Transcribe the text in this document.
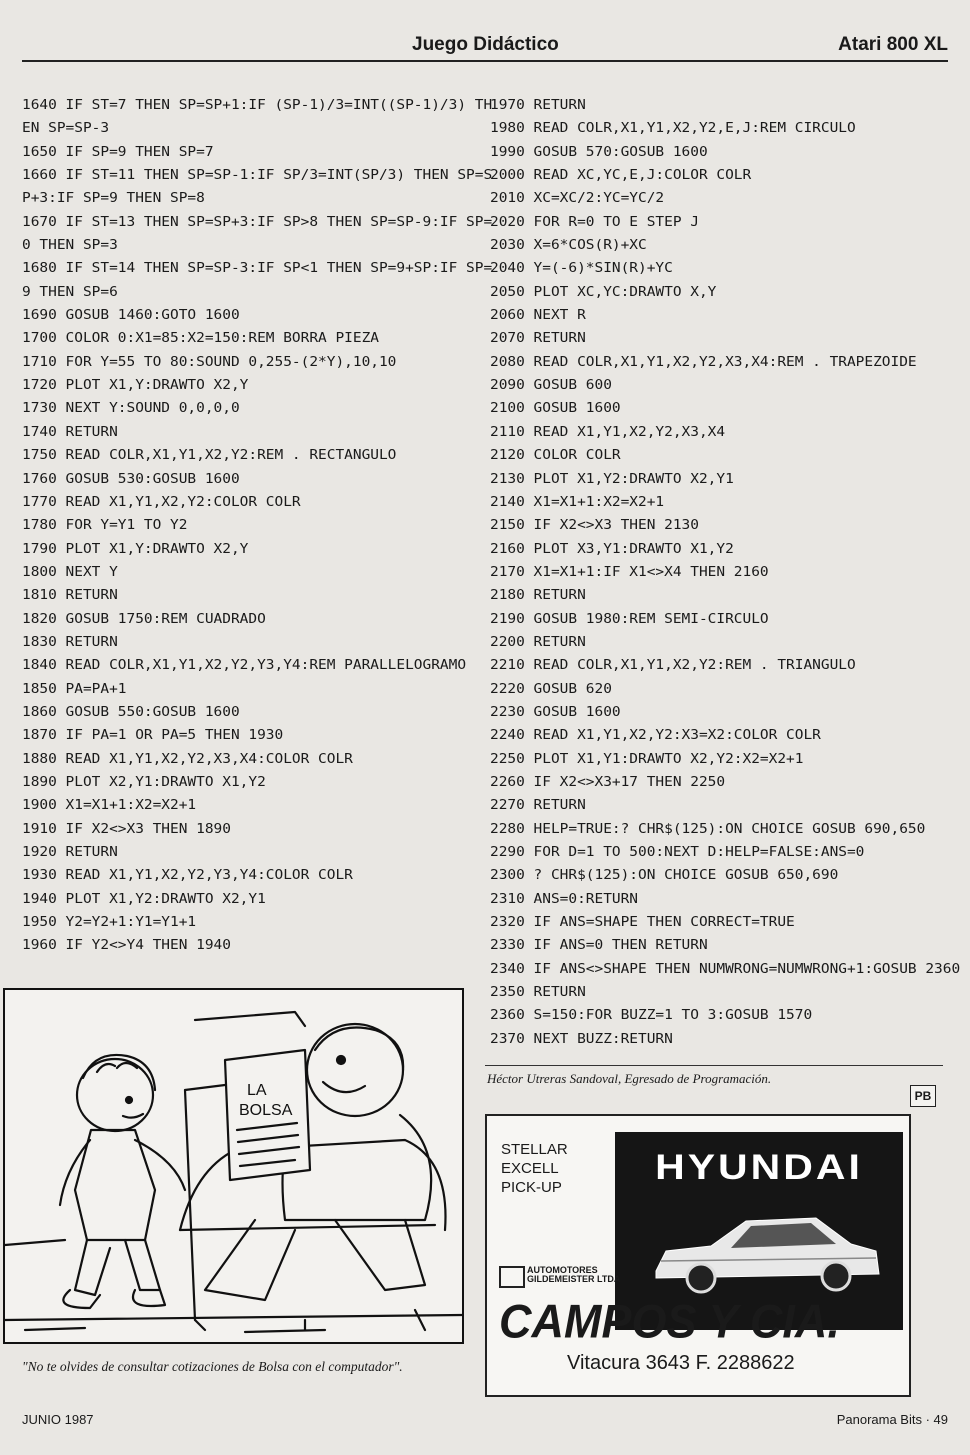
Juego Didáctico	Atari 800 XL
1640 IF ST=7 THEN SP=SP+1:IF (SP-1)/3=INT((SP-1)/3) TH
EN SP=SP-3
1650 IF SP=9 THEN SP=7
1660 IF ST=11 THEN SP=SP-1:IF SP/3=INT(SP/3) THEN SP=S
P+3:IF SP=9 THEN SP=8
1670 IF ST=13 THEN SP=SP+3:IF SP>8 THEN SP=SP-9:IF SP=
0 THEN SP=3
1680 IF ST=14 THEN SP=SP-3:IF SP<1 THEN SP=9+SP:IF SP=
9 THEN SP=6
1690 GOSUB 1460:GOTO 1600
1700 COLOR 0:X1=85:X2=150:REM BORRA PIEZA
1710 FOR Y=55 TO 80:SOUND 0,255-(2*Y),10,10
1720 PLOT X1,Y:DRAWTO X2,Y
1730 NEXT Y:SOUND 0,0,0,0
1740 RETURN
1750 READ COLR,X1,Y1,X2,Y2:REM . RECTANGULO
1760 GOSUB 530:GOSUB 1600
1770 READ X1,Y1,X2,Y2:COLOR COLR
1780 FOR Y=Y1 TO Y2
1790 PLOT X1,Y:DRAWTO X2,Y
1800 NEXT Y
1810 RETURN
1820 GOSUB 1750:REM CUADRADO
1830 RETURN
1840 READ COLR,X1,Y1,X2,Y2,Y3,Y4:REM PARALLELOGRAMO
1850 PA=PA+1
1860 GOSUB 550:GOSUB 1600
1870 IF PA=1 OR PA=5 THEN 1930
1880 READ X1,Y1,X2,Y2,X3,X4:COLOR COLR
1890 PLOT X2,Y1:DRAWTO X1,Y2
1900 X1=X1+1:X2=X2+1
1910 IF X2<>X3 THEN 1890
1920 RETURN
1930 READ X1,Y1,X2,Y2,Y3,Y4:COLOR COLR
1940 PLOT X1,Y2:DRAWTO X2,Y1
1950 Y2=Y2+1:Y1=Y1+1
1960 IF Y2<>Y4 THEN 1940
1970 RETURN
1980 READ COLR,X1,Y1,X2,Y2,E,J:REM CIRCULO
1990 GOSUB 570:GOSUB 1600
2000 READ XC,YC,E,J:COLOR COLR
2010 XC=XC/2:YC=YC/2
2020 FOR R=0 TO E STEP J
2030 X=6*COS(R)+XC
2040 Y=(-6)*SIN(R)+YC
2050 PLOT XC,YC:DRAWTO X,Y
2060 NEXT R
2070 RETURN
2080 READ COLR,X1,Y1,X2,Y2,X3,X4:REM . TRAPEZOIDE
2090 GOSUB 600
2100 GOSUB 1600
2110 READ X1,Y1,X2,Y2,X3,X4
2120 COLOR COLR
2130 PLOT X1,Y2:DRAWTO X2,Y1
2140 X1=X1+1:X2=X2+1
2150 IF X2<>X3 THEN 2130
2160 PLOT X3,Y1:DRAWTO X1,Y2
2170 X1=X1+1:IF X1<>X4 THEN 2160
2180 RETURN
2190 GOSUB 1980:REM SEMI-CIRCULO
2200 RETURN
2210 READ COLR,X1,Y1,X2,Y2:REM . TRIANGULO
2220 GOSUB 620
2230 GOSUB 1600
2240 READ X1,Y1,X2,Y2:X3=X2:COLOR COLR
2250 PLOT X1,Y1:DRAWTO X2,Y2:X2=X2+1
2260 IF X2<>X3+17 THEN 2250
2270 RETURN
2280 HELP=TRUE:? CHR$(125):ON CHOICE GOSUB 690,650
2290 FOR D=1 TO 500:NEXT D:HELP=FALSE:ANS=0
2300 ? CHR$(125):ON CHOICE GOSUB 650,690
2310 ANS=0:RETURN
2320 IF ANS=SHAPE THEN CORRECT=TRUE
2330 IF ANS=0 THEN RETURN
2340 IF ANS<>SHAPE THEN NUMWRONG=NUMWRONG+1:GOSUB 2360
2350 RETURN
2360 S=150:FOR BUZZ=1 TO 3:GOSUB 1570
2370 NEXT BUZZ:RETURN
Héctor Utreras Sandoval, Egresado de Programación.
PB
LA
BOLSA
"No te olvides de consultar cotizaciones de Bolsa con el computador".
STELLAR
EXCELL
PICK-UP
HYUNDAI
AUTOMOTORES
GILDEMEISTER LTDA
CAMPOS Y CIA.
Vitacura 3643 F. 2288622
JUNIO 1987	Panorama Bits · 49
